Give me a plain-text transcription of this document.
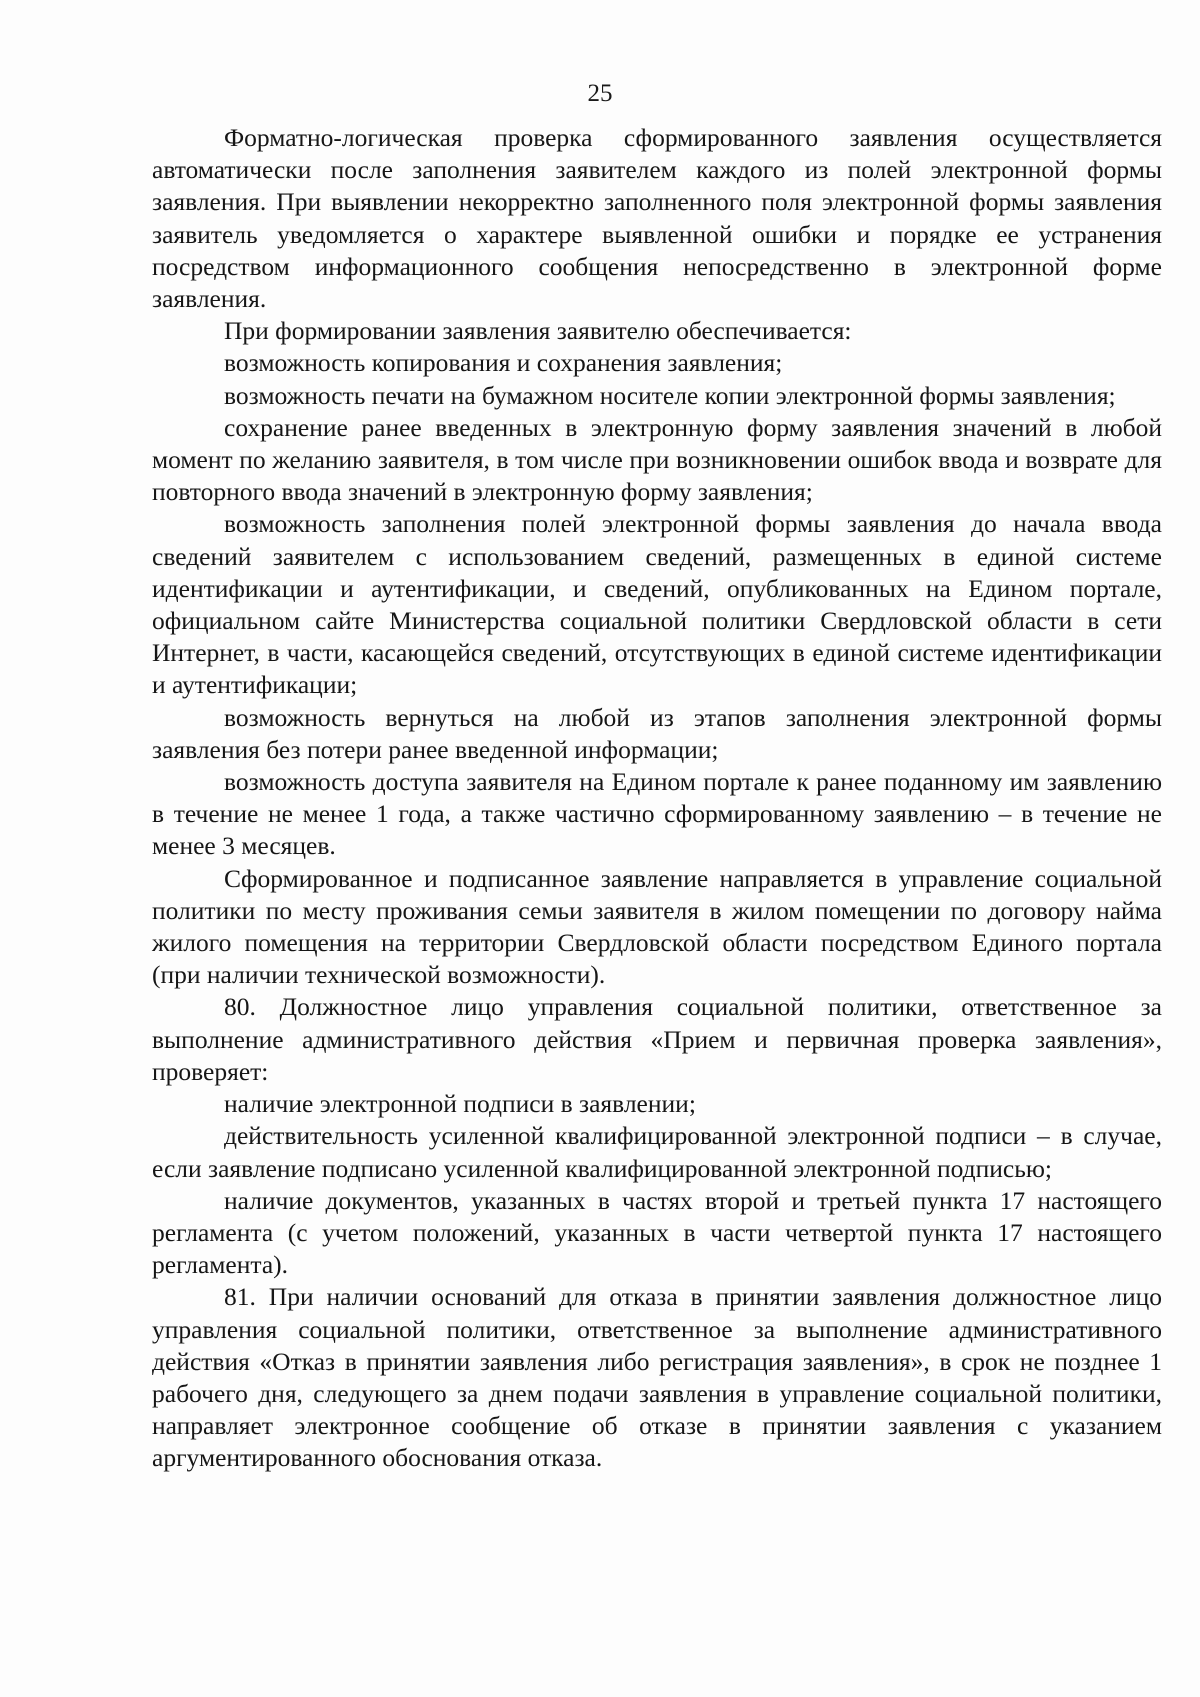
25

Форматно-логическая проверка сформированного заявления осуществляется автоматически после заполнения заявителем каждого из полей электронной формы заявления. При выявлении некорректно заполненного поля электронной формы заявления заявитель уведомляется о характере выявленной ошибки и порядке ее устранения посредством информационного сообщения непосредственно в электронной форме заявления.

При формировании заявления заявителю обеспечивается:

возможность копирования и сохранения заявления;

возможность печати на бумажном носителе копии электронной формы заявления;

сохранение ранее введенных в электронную форму заявления значений в любой момент по желанию заявителя, в том числе при возникновении ошибок ввода и возврате для повторного ввода значений в электронную форму заявления;

возможность заполнения полей электронной формы заявления до начала ввода сведений заявителем с использованием сведений, размещенных в единой системе идентификации и аутентификации, и сведений, опубликованных на Едином портале, официальном сайте Министерства социальной политики Свердловской области в сети Интернет, в части, касающейся сведений, отсутствующих в единой системе идентификации и аутентификации;

возможность вернуться на любой из этапов заполнения электронной формы заявления без потери ранее введенной информации;

возможность доступа заявителя на Едином портале к ранее поданному им заявлению в течение не менее 1 года, а также частично сформированному заявлению – в течение не менее 3 месяцев.

Сформированное и подписанное заявление направляется в управление социальной политики по месту проживания семьи заявителя в жилом помещении по договору найма жилого помещения на территории Свердловской области посредством Единого портала (при наличии технической возможности).

80. Должностное лицо управления социальной политики, ответственное за выполнение административного действия «Прием и первичная проверка заявления», проверяет:

наличие электронной подписи в заявлении;

действительность усиленной квалифицированной электронной подписи – в случае, если заявление подписано усиленной квалифицированной электронной подписью;

наличие документов, указанных в частях второй и третьей пункта 17 настоящего регламента (с учетом положений, указанных в части четвертой пункта 17 настоящего регламента).

81. При наличии оснований для отказа в принятии заявления должностное лицо управления социальной политики, ответственное за выполнение административного действия «Отказ в принятии заявления либо регистрация заявления», в срок не позднее 1 рабочего дня, следующего за днем подачи заявления в управление социальной политики, направляет электронное сообщение об отказе в принятии заявления с указанием аргументированного обоснования отказа.
